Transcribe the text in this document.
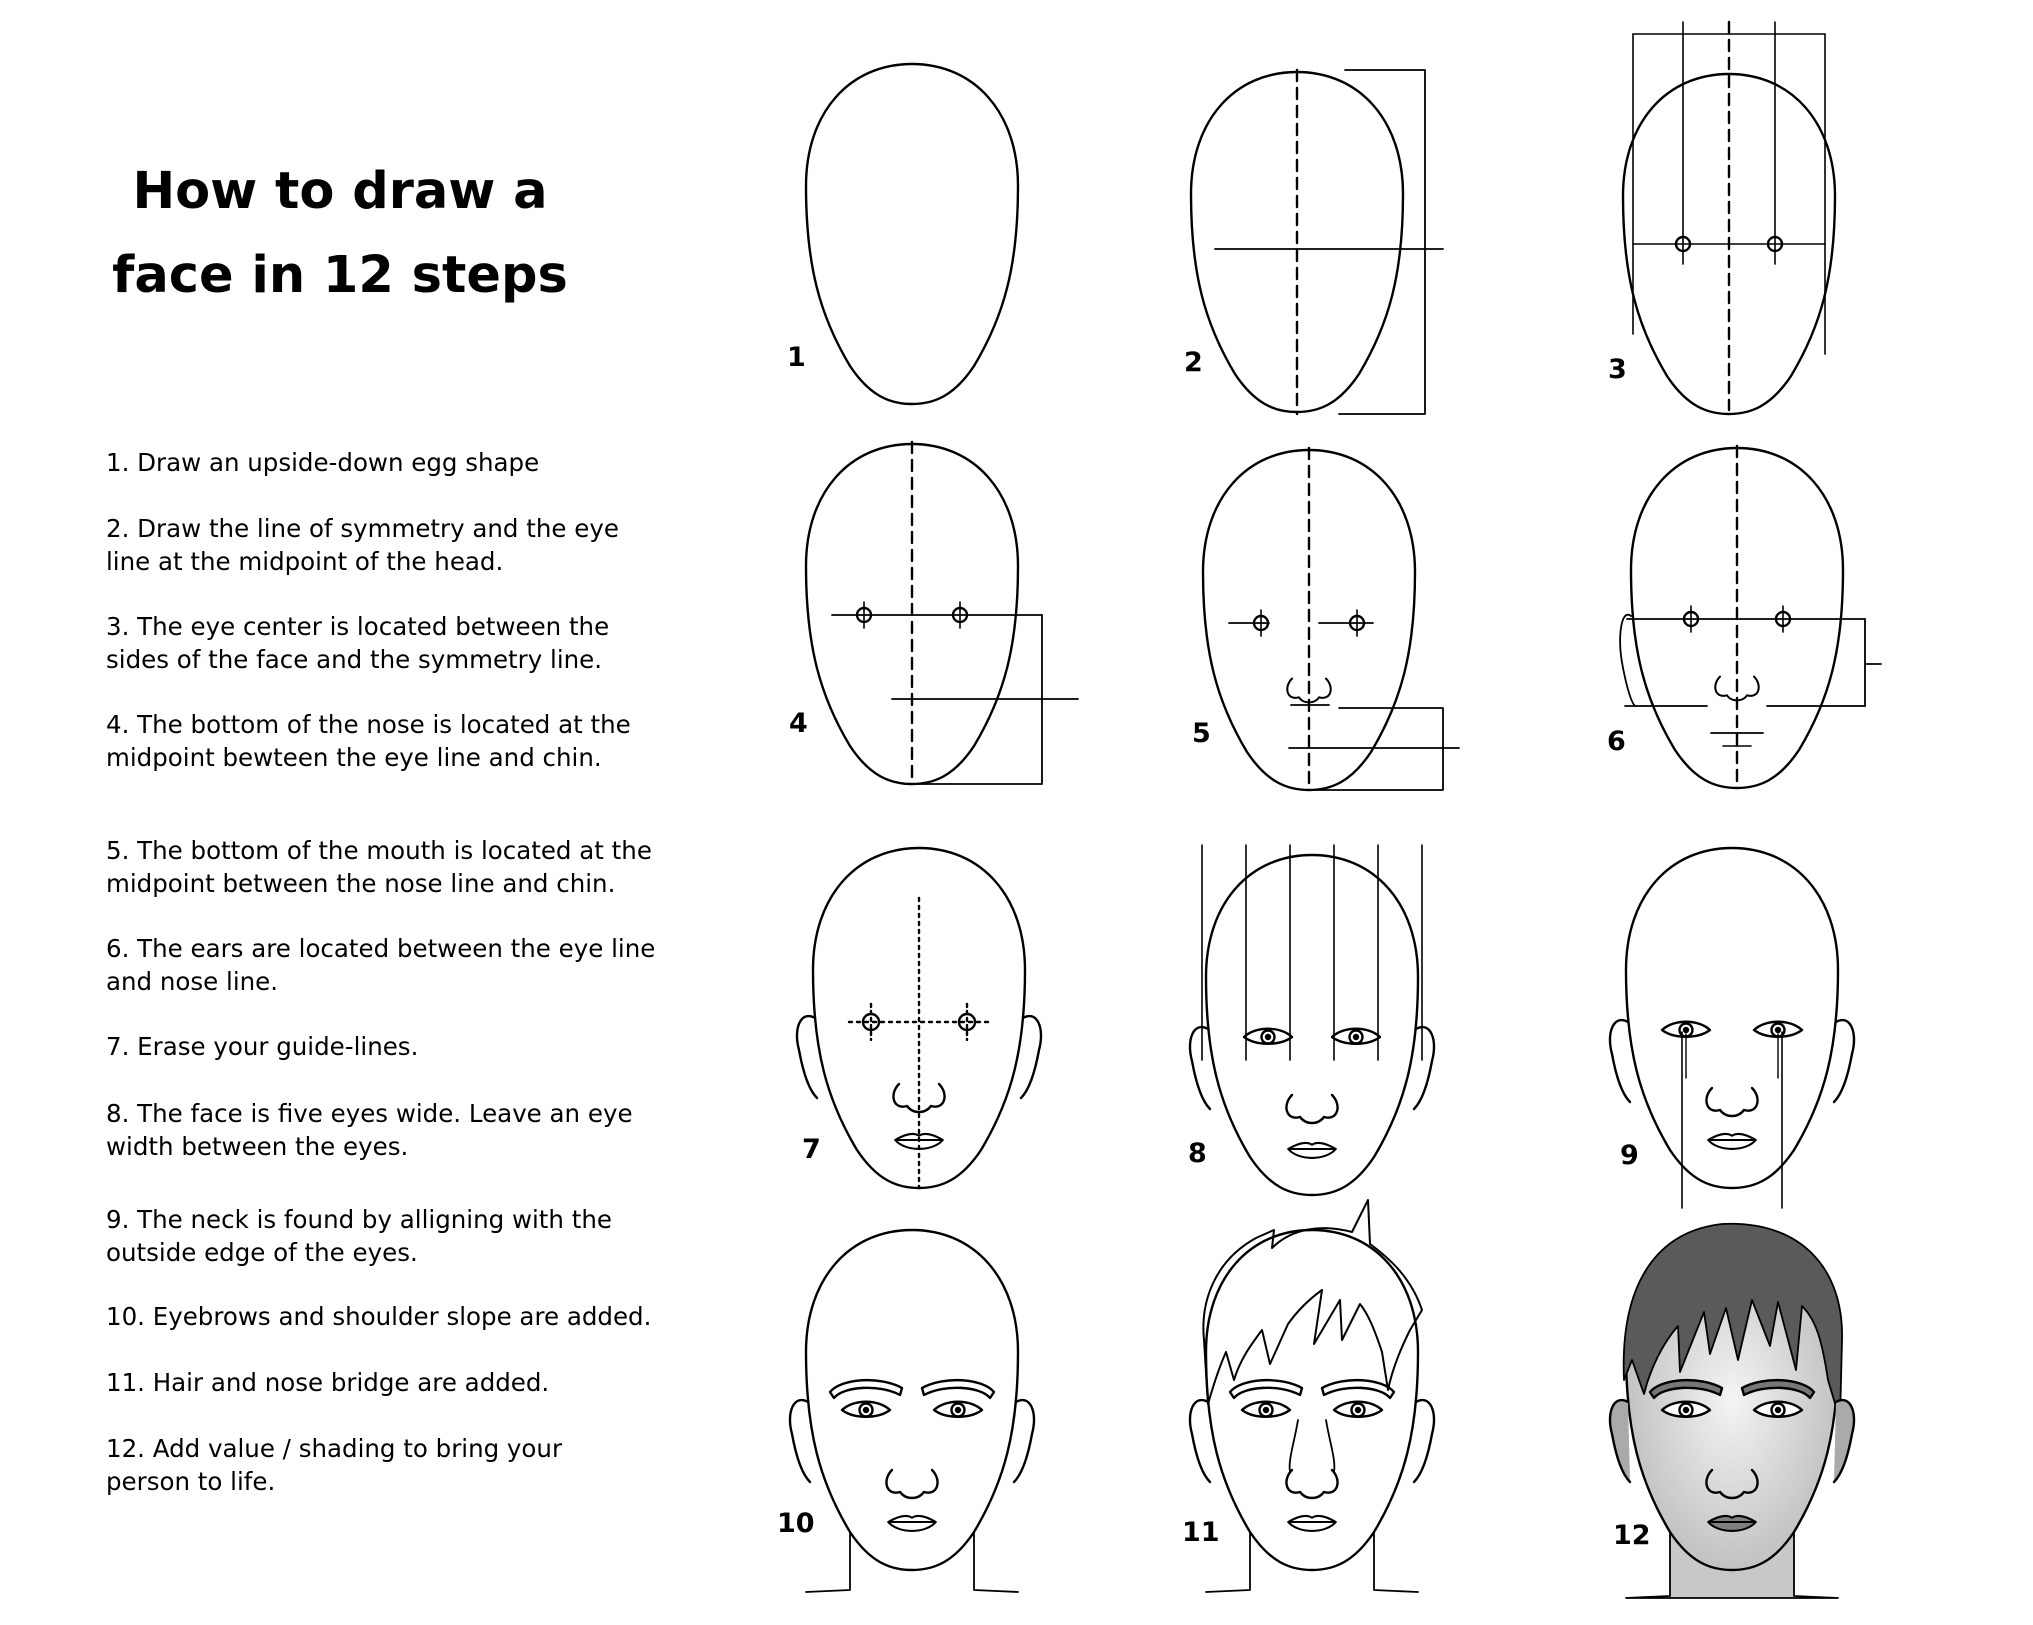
How to draw a
face in 12 steps
1. Draw an upside-down egg shape
2. Draw the line of symmetry and the eye
line at the midpoint of the head.
3. The eye center is located between the
sides of the face and the symmetry line.
4. The bottom of the nose is located at the
midpoint bewteen the eye line and chin.
5. The bottom of the mouth is located at the
midpoint between the nose line and chin.
6. The ears are located between the eye line
and nose line.
7. Erase your guide-lines.
8. The face is five eyes wide. Leave an eye
width between the eyes.
9. The neck is found by alligning with the
outside edge of the eyes.
10. Eyebrows and shoulder slope are added.
11. Hair and nose bridge are added.
12. Add value / shading to bring your
person to life.
1	2	3
4	5	6
7	8	9
10	11	12
